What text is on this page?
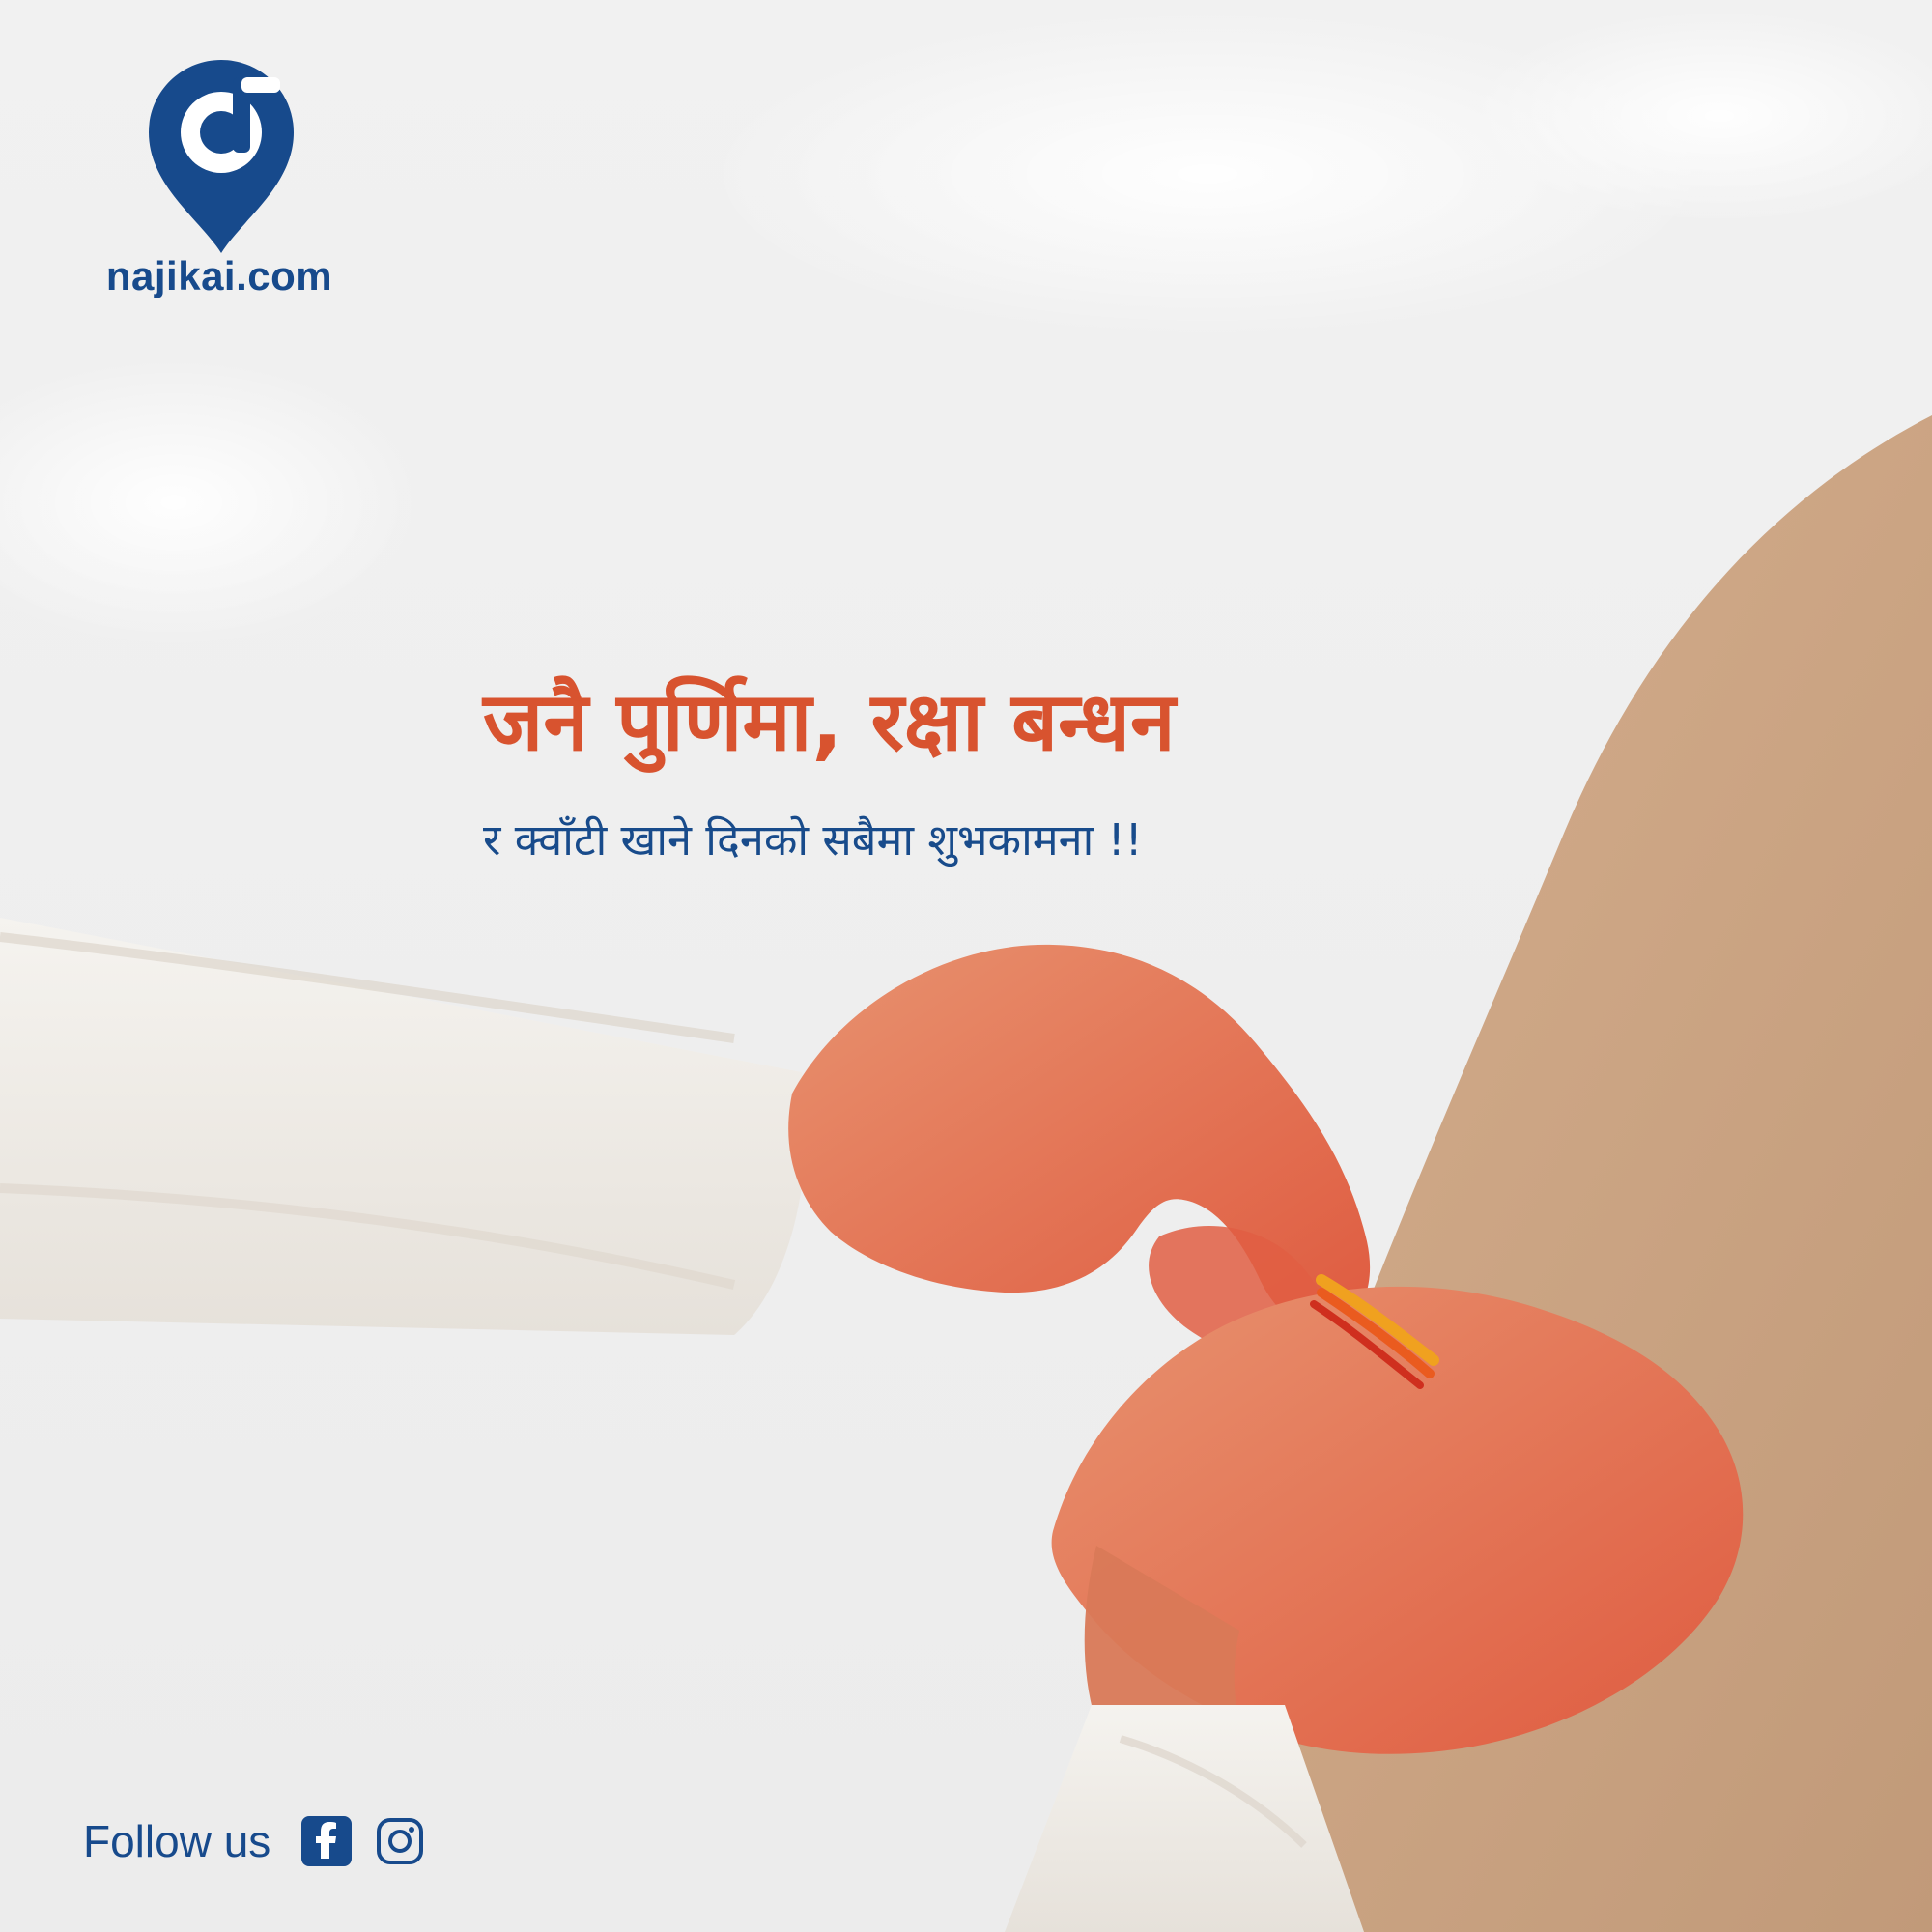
najikai.com
जनै पुर्णिमा, रक्षा बन्धन
र क्वाँटी खाने दिनको सबैमा शुभकामना !!
Follow us
